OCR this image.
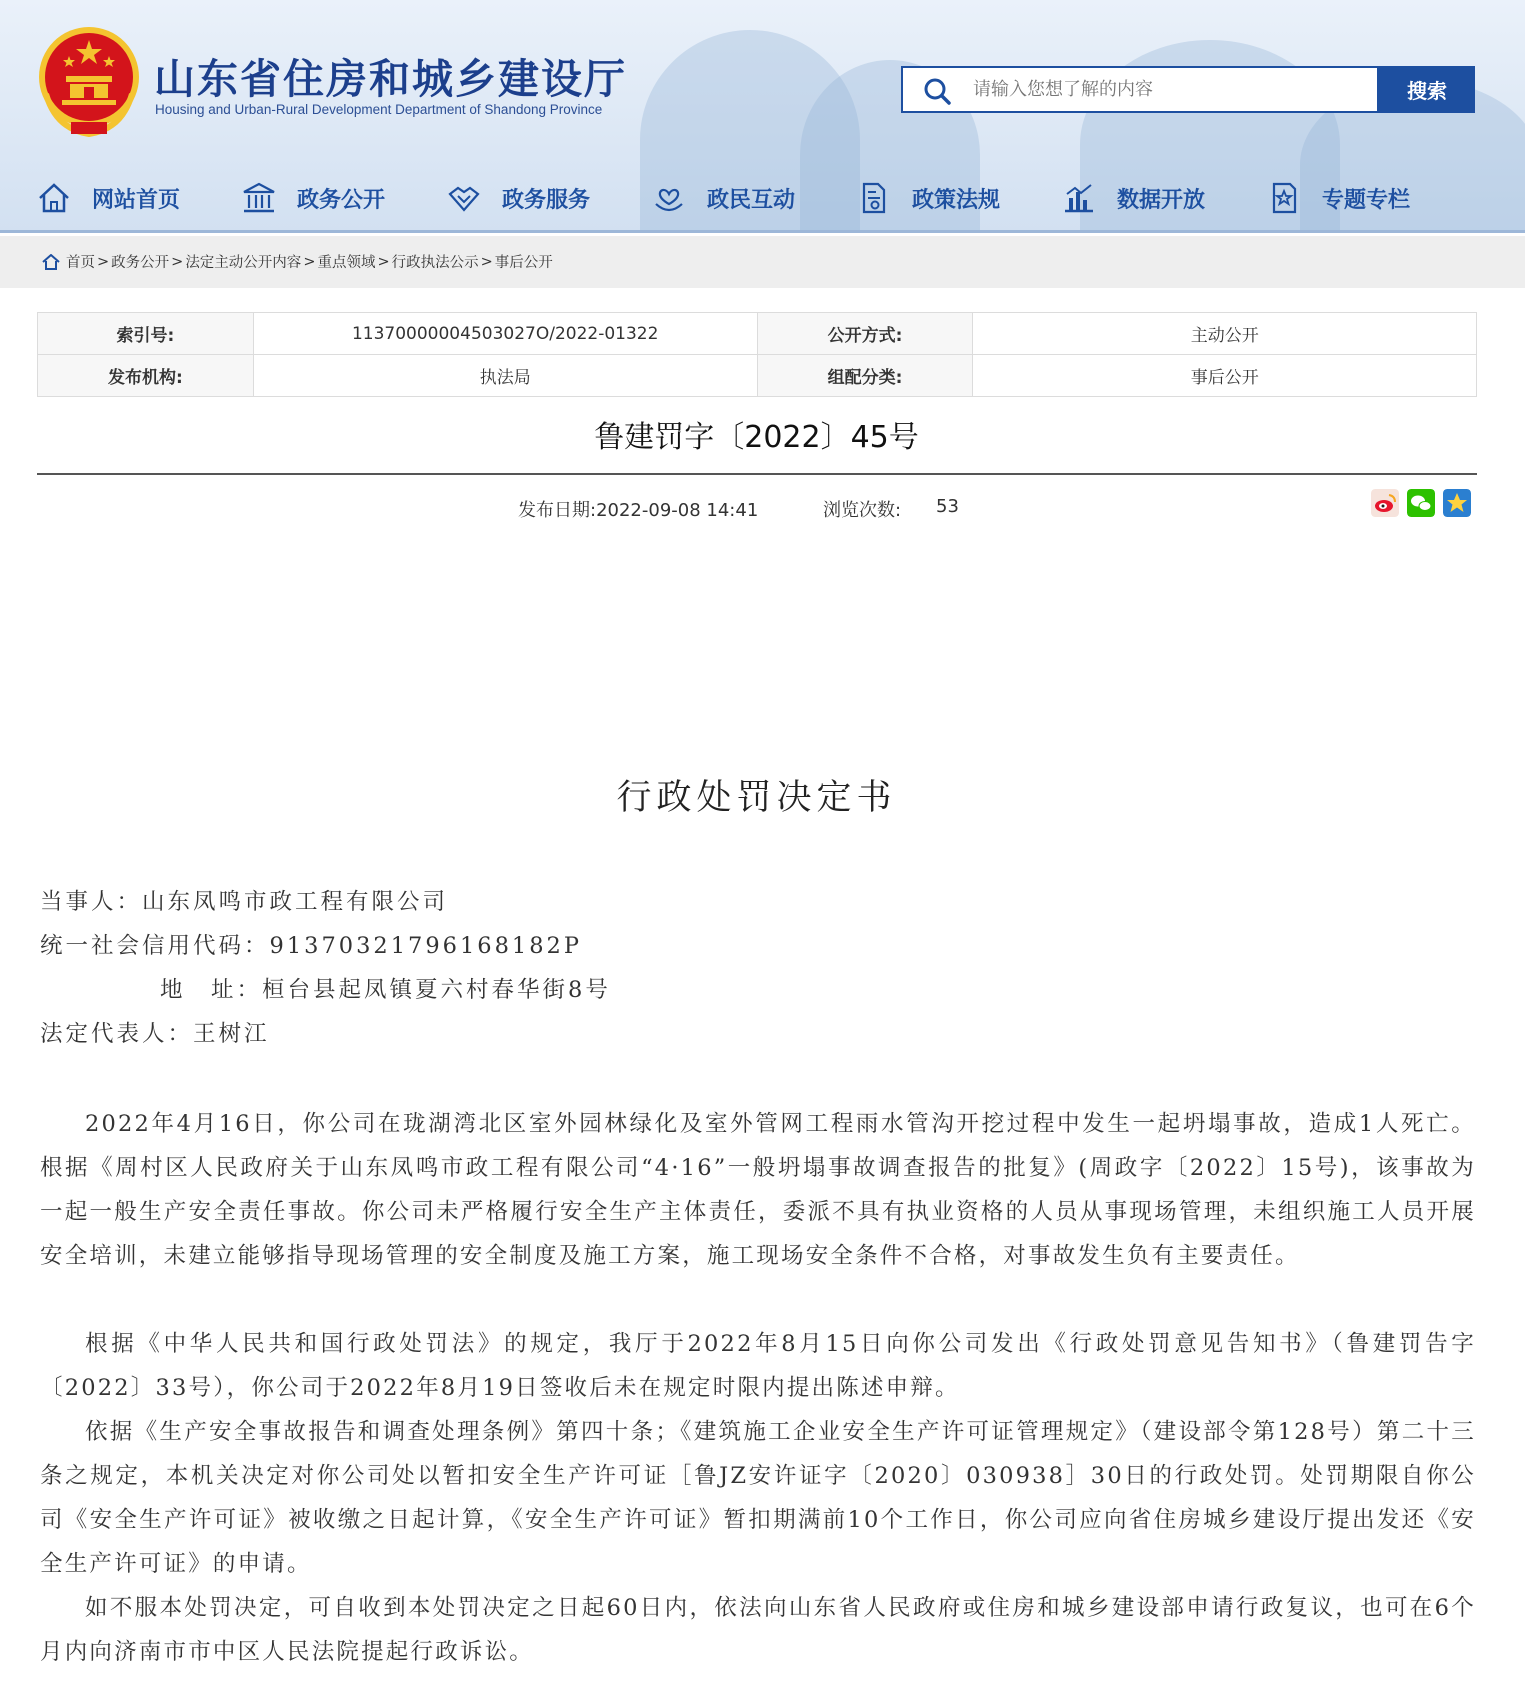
山东省住房和城乡建设厅
Housing and Urban-Rural Development Department of Shandong Province
请输入您想了解的内容
搜索
网站首页	政务公开	政务服务	政民互动	政策法规	数据开放	专题专栏
首页 > 政务公开 > 法定主动公开内容 > 重点领域 > 行政执法公示 > 事后公开
索引号:	11370000004503027O/2022-01322	公开方式:	主动公开
发布机构:	执法局	组配分类:	事后公开
鲁建罚字〔2022〕45号
发布日期:2022-09-08 14:41	浏览次数: 53
行政处罚决定书
当事人：山东凤鸣市政工程有限公司
统一社会信用代码：91370321796168182P
地　址：桓台县起凤镇夏六村春华街8号
法定代表人：王树江

2022年4月16日，你公司在珑湖湾北区室外园林绿化及室外管网工程雨水管沟开挖过程中发生一起坍塌事故，造成1人死亡。根据《周村区人民政府关于山东凤鸣市政工程有限公司“4·16”一般坍塌事故调查报告的批复》(周政字〔2022〕15号)，该事故为一起一般生产安全责任事故。你公司未严格履行安全生产主体责任，委派不具有执业资格的人员从事现场管理，未组织施工人员开展安全培训，未建立能够指导现场管理的安全制度及施工方案，施工现场安全条件不合格，对事故发生负有主要责任。

根据《中华人民共和国行政处罚法》的规定，我厅于2022年8月15日向你公司发出《行政处罚意见告知书》（鲁建罚告字〔2022〕33号），你公司于2022年8月19日签收后未在规定时限内提出陈述申辩。

依据《生产安全事故报告和调查处理条例》第四十条；《建筑施工企业安全生产许可证管理规定》（建设部令第128号）第二十三条之规定，本机关决定对你公司处以暂扣安全生产许可证［鲁JZ安许证字〔2020〕030938］30日的行政处罚。处罚期限自你公司《安全生产许可证》被收缴之日起计算，《安全生产许可证》暂扣期满前10个工作日，你公司应向省住房城乡建设厅提出发还《安全生产许可证》的申请。

如不服本处罚决定，可自收到本处罚决定之日起60日内，依法向山东省人民政府或住房和城乡建设部申请行政复议，也可在6个月内向济南市市中区人民法院提起行政诉讼。
